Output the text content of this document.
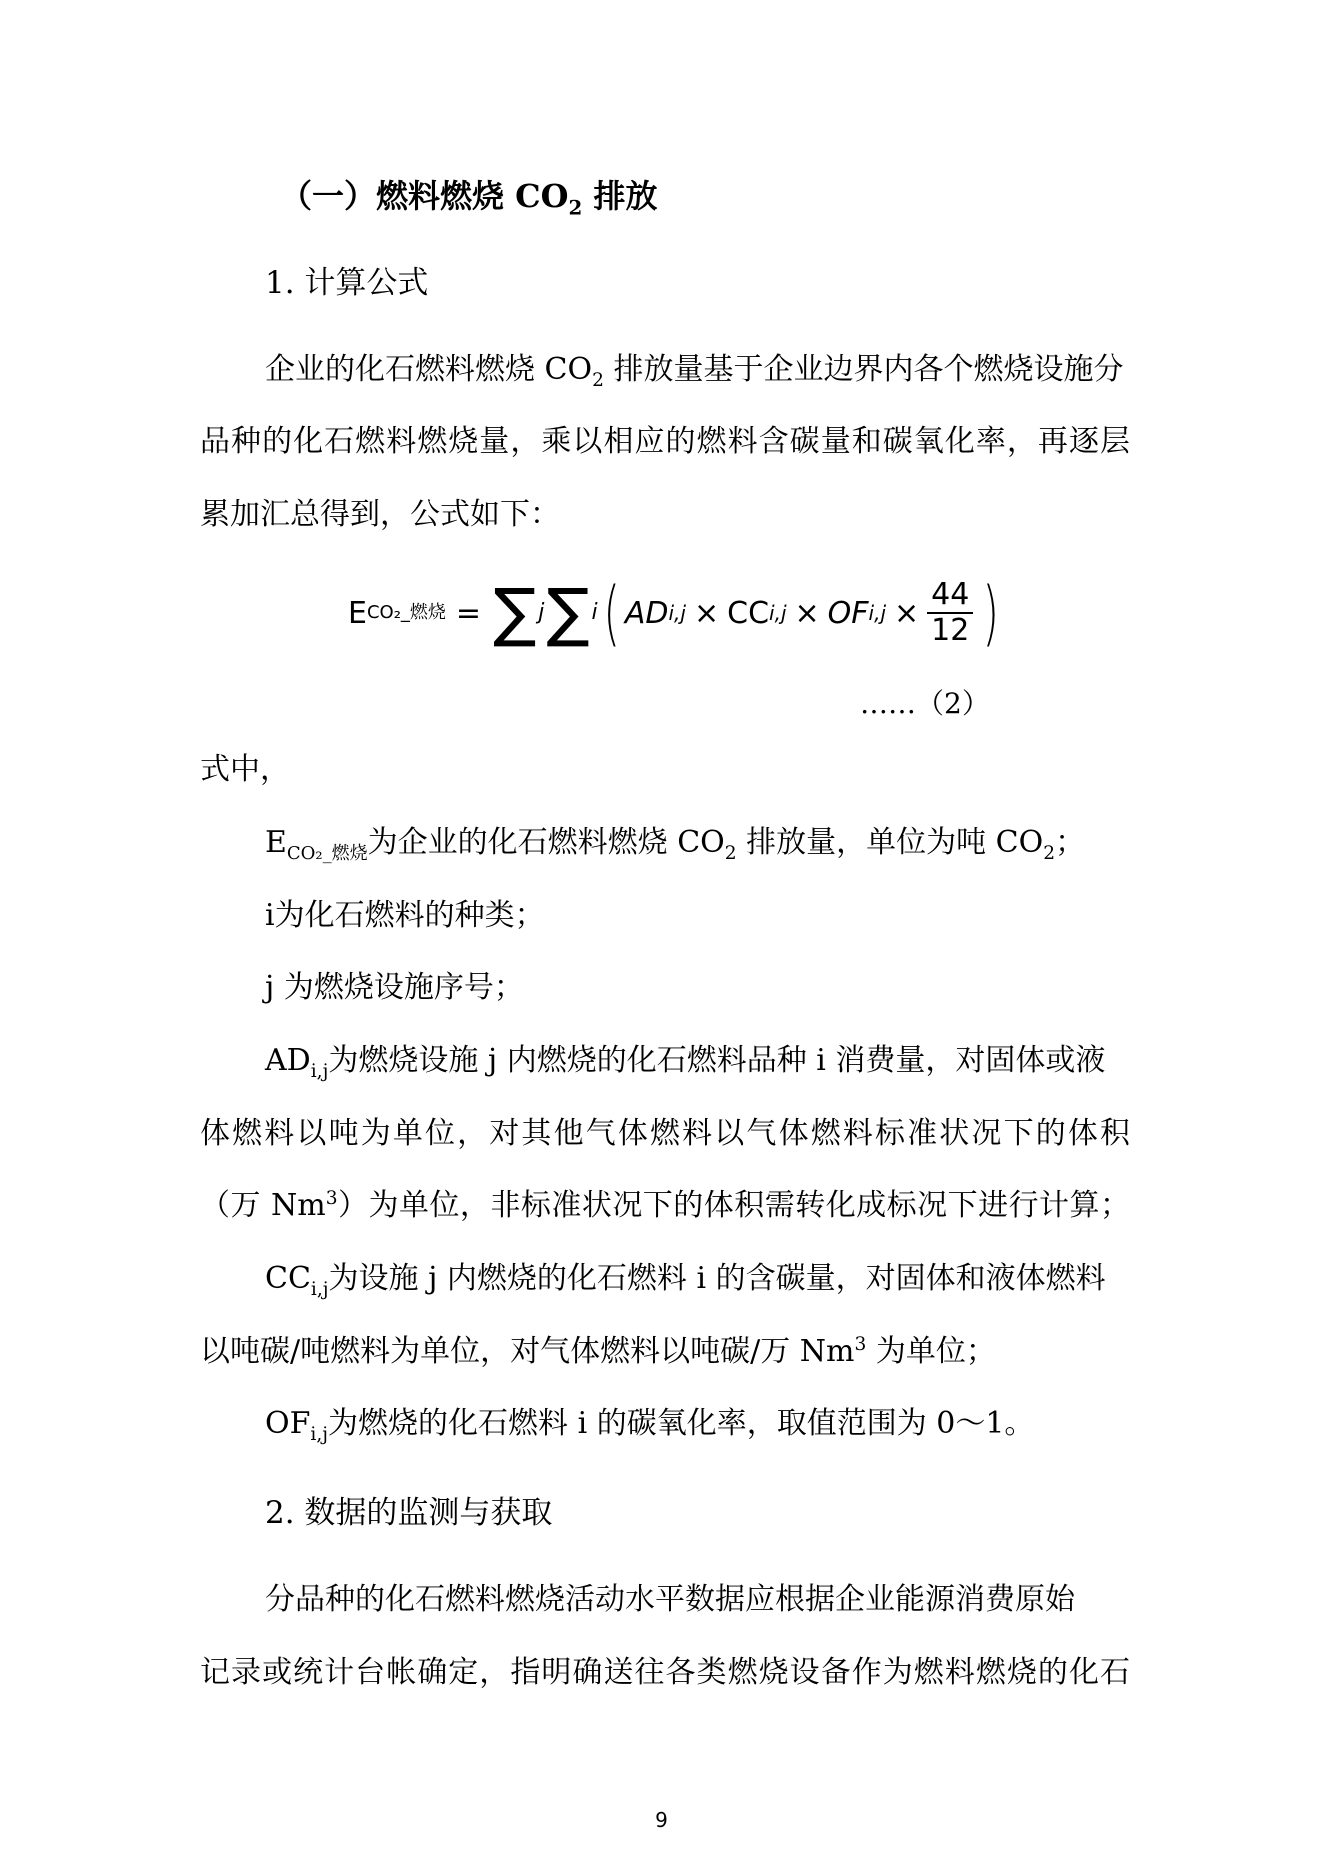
（一）燃料燃烧 $CO_2$ 排放
1. 计算公式
企业的化石燃料燃烧 $CO_2$ 排放量基于企业边界内各个燃烧设施分
品种的化石燃料燃烧量，乘以相应的燃料含碳量和碳氧化率，再逐层
累加汇总得到，公式如下：
E CO₂_燃烧 = ∑ j ∑ i ( AD i,j × CC i,j × OF $i,j \times \frac{44}{12}$ )
……（2）
式中，
$E_{CO_2\_燃烧}$为企业的化石燃料燃烧 $CO_2$ 排放量，单位为吨 $CO_2$；
i为化石燃料的种类；
j 为燃烧设施序号；
$AD_{i,j}$为燃烧设施 j 内燃烧的化石燃料品种 i 消费量，对固体或液
体燃料以吨为单位，对其他气体燃料以气体燃料标准状况下的体积
（万 Nm$^3$）为单位，非标准状况下的体积需转化成标况下进行计算；
$CC_{i,j}$为设施 j 内燃烧的化石燃料 i 的含碳量，对固体和液体燃料
以吨碳/吨燃料为单位，对气体燃料以吨碳/万 Nm$^3$ 为单位；
$OF_{i,j}$为燃烧的化石燃料 i 的碳氧化率，取值范围为 0～1。
2. 数据的监测与获取
分品种的化石燃料燃烧活动水平数据应根据企业能源消费原始
记录或统计台帐确定，指明确送往各类燃烧设备作为燃料燃烧的化石
9
